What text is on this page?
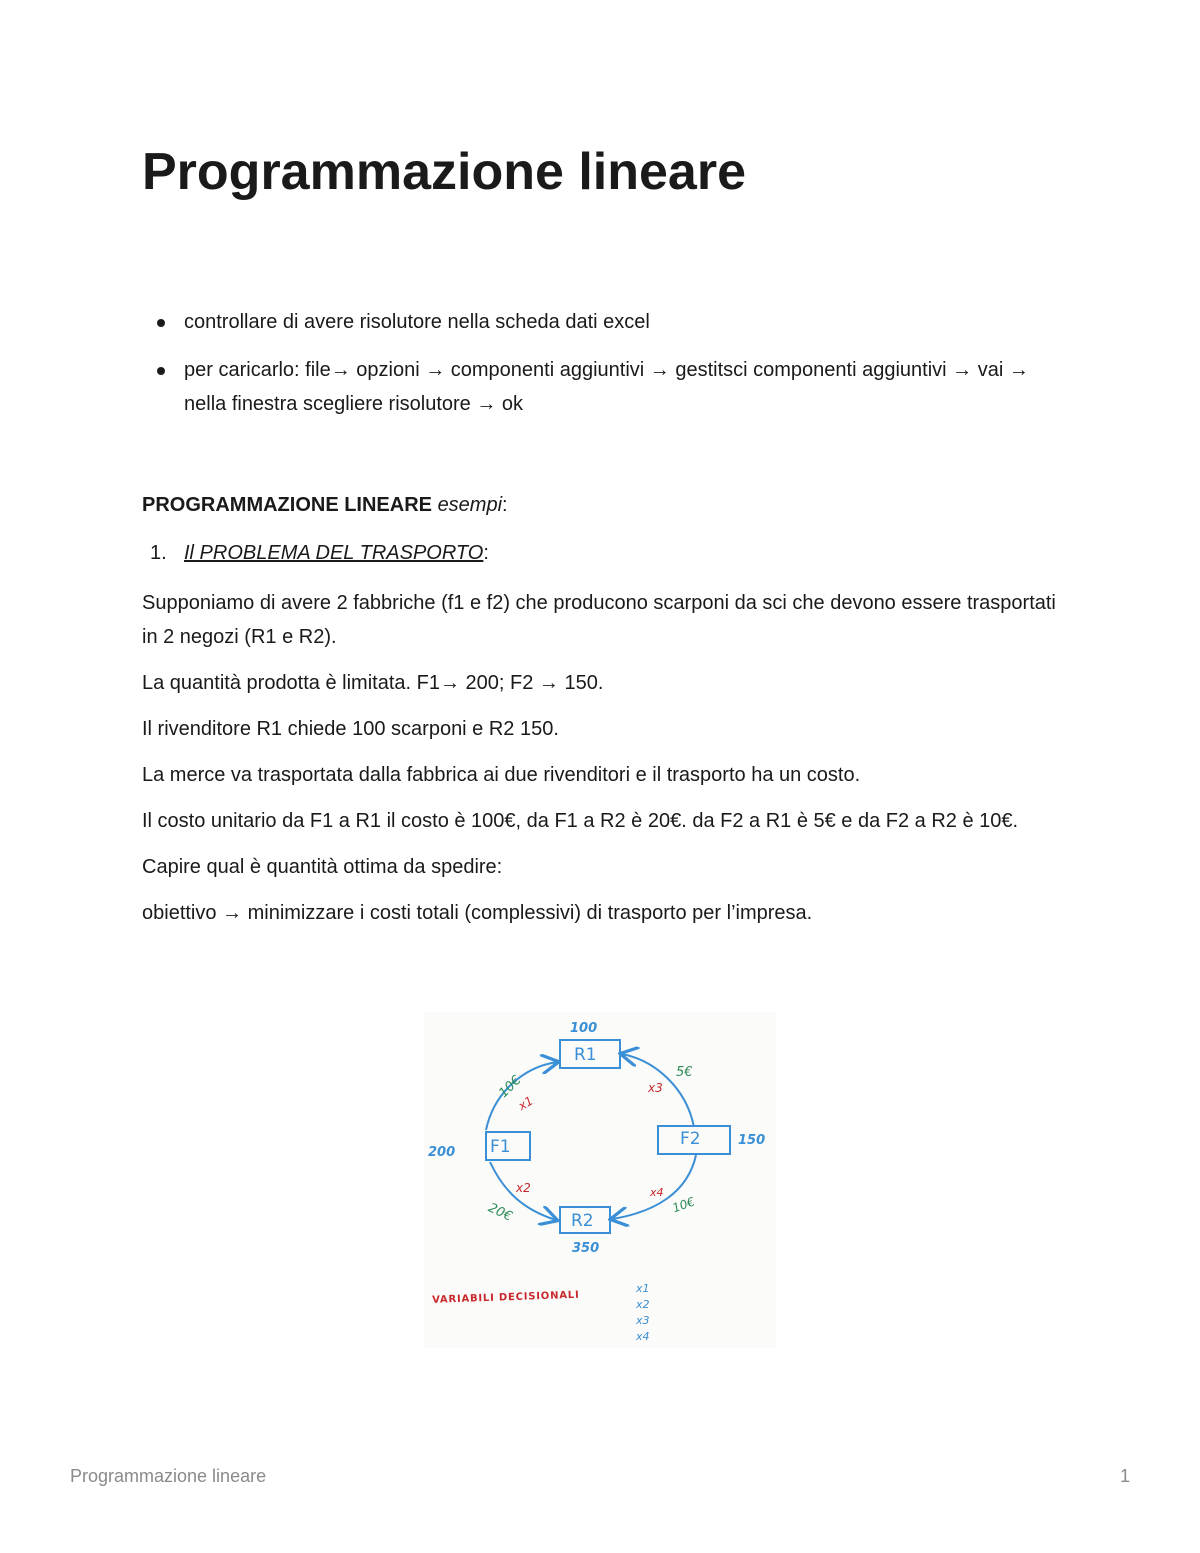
Programmazione lineare
controllare di avere risolutore nella scheda dati excel
per caricarlo: file→ opzioni → componenti aggiuntivi → gestitsci componenti aggiuntivi → vai → nella finestra scegliere risolutore → ok

PROGRAMMAZIONE LINEARE esempi:

1. Il PROBLEMA DEL TRASPORTO:

Supponiamo di avere 2 fabbriche (f1 e f2) che producono scarponi da sci che devono essere trasportati in 2 negozi (R1 e R2).

La quantità prodotta è limitata. F1→ 200; F2 → 150.

Il rivenditore R1 chiede 100 scarponi e R2 150.

La merce va trasportata dalla fabbrica ai due rivenditori e il trasporto ha un costo.

Il costo unitario da F1 a R1 il costo è 100€, da F1 a R2 è 20€. da F2 a R1 è 5€ e da F2 a R2 è 10€.

Capire qual è quantità ottima da spedire:

obiettivo → minimizzare i costi totali (complessivi) di trasporto per l’impresa.

R1
F1	F2
R2
100
200
150
350
10€
5€
20€	10€
x1
x3
x2	x4
VARIABILI DECISIONALI
x1
x2
x3
x4
Programmazione lineare	1
